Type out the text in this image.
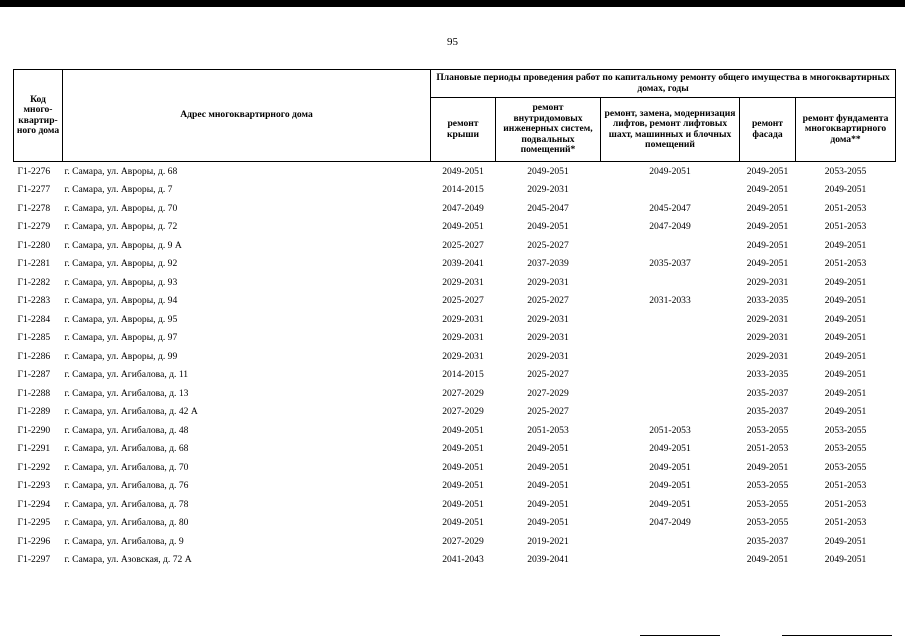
95
Код много-квартир-ного дома	Адрес многоквартирного дома	Плановые периоды проведения работ по капитальному ремонту общего имущества в многоквартирных домах, годы				
		ремонт крыши	ремонт внутридомовых инженерных систем, подвальных помещений*	ремонт, замена, модернизация лифтов, ремонт лифтовых шахт, машинных и блочных помещений	ремонт фасада	ремонт фундамента многоквартирного дома**
Г1-2276	г. Самара, ул. Авроры, д. 68	2049-2051	2049-2051	2049-2051	2049-2051	2053-2055
Г1-2277	г. Самара, ул. Авроры, д. 7	2014-2015	2029-2031		2049-2051	2049-2051
Г1-2278	г. Самара, ул. Авроры, д. 70	2047-2049	2045-2047	2045-2047	2049-2051	2051-2053
Г1-2279	г. Самара, ул. Авроры, д. 72	2049-2051	2049-2051	2047-2049	2049-2051	2051-2053
Г1-2280	г. Самара, ул. Авроры, д. 9 А	2025-2027	2025-2027		2049-2051	2049-2051
Г1-2281	г. Самара, ул. Авроры, д. 92	2039-2041	2037-2039	2035-2037	2049-2051	2051-2053
Г1-2282	г. Самара, ул. Авроры, д. 93	2029-2031	2029-2031		2029-2031	2049-2051
Г1-2283	г. Самара, ул. Авроры, д. 94	2025-2027	2025-2027	2031-2033	2033-2035	2049-2051
Г1-2284	г. Самара, ул. Авроры, д. 95	2029-2031	2029-2031		2029-2031	2049-2051
Г1-2285	г. Самара, ул. Авроры, д. 97	2029-2031	2029-2031		2029-2031	2049-2051
Г1-2286	г. Самара, ул. Авроры, д. 99	2029-2031	2029-2031		2029-2031	2049-2051
Г1-2287	г. Самара, ул. Агибалова, д. 11	2014-2015	2025-2027		2033-2035	2049-2051
Г1-2288	г. Самара, ул. Агибалова, д. 13	2027-2029	2027-2029		2035-2037	2049-2051
Г1-2289	г. Самара, ул. Агибалова, д. 42 А	2027-2029	2025-2027		2035-2037	2049-2051
Г1-2290	г. Самара, ул. Агибалова, д. 48	2049-2051	2051-2053	2051-2053	2053-2055	2053-2055
Г1-2291	г. Самара, ул. Агибалова, д. 68	2049-2051	2049-2051	2049-2051	2051-2053	2053-2055
Г1-2292	г. Самара, ул. Агибалова, д. 70	2049-2051	2049-2051	2049-2051	2049-2051	2053-2055
Г1-2293	г. Самара, ул. Агибалова, д. 76	2049-2051	2049-2051	2049-2051	2053-2055	2051-2053
Г1-2294	г. Самара, ул. Агибалова, д. 78	2049-2051	2049-2051	2049-2051	2053-2055	2051-2053
Г1-2295	г. Самара, ул. Агибалова, д. 80	2049-2051	2049-2051	2047-2049	2053-2055	2051-2053
Г1-2296	г. Самара, ул. Агибалова, д. 9	2027-2029	2019-2021		2035-2037	2049-2051
Г1-2297	г. Самара, ул. Азовская, д. 72 А	2041-2043	2039-2041		2049-2051	2049-2051
